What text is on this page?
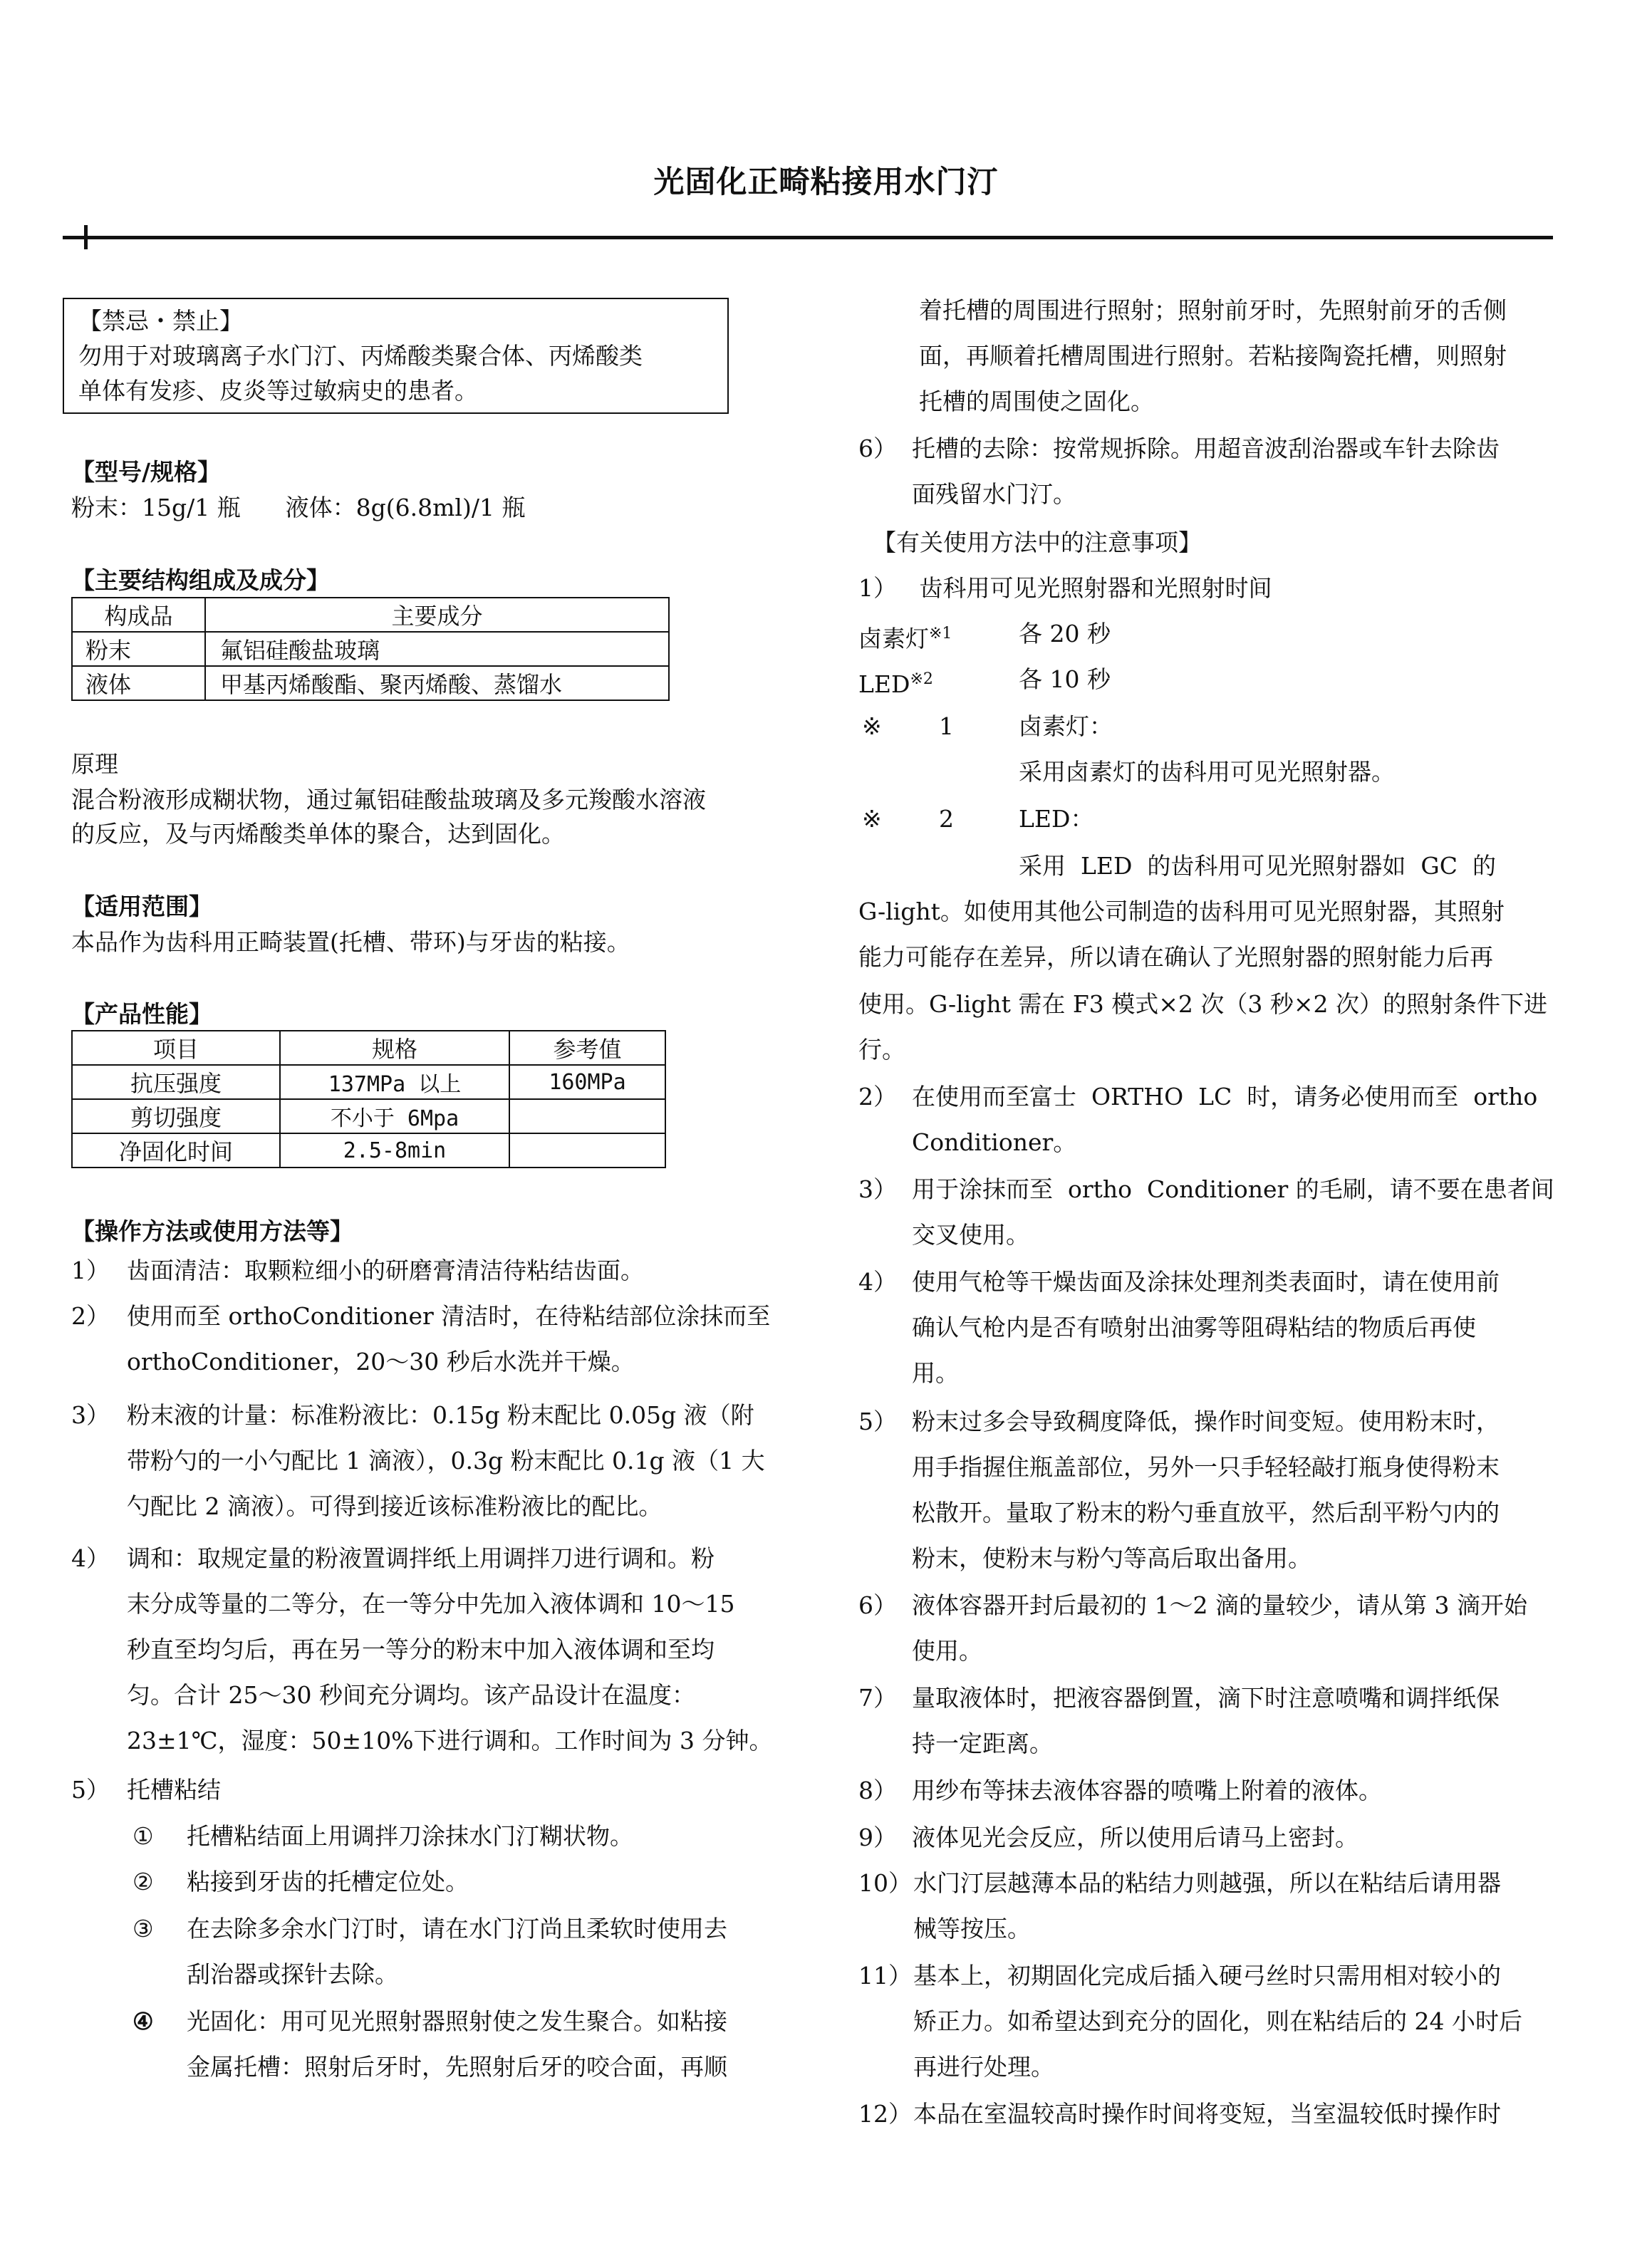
光固化正畸粘接用水门汀
【禁忌・禁止】
勿用于对玻璃离子水门汀、丙烯酸类聚合体、丙烯酸类
单体有发疹、皮炎等过敏病史的患者。
【型号/规格】
粉末：15g/1 瓶      液体：8g(6.8ml)/1 瓶
【主要结构组成及成分】
构成品	主要成分
粉末	氟铝硅酸盐玻璃
液体	甲基丙烯酸酯、聚丙烯酸、蒸馏水
原理
混合粉液形成糊状物，通过氟铝硅酸盐玻璃及多元羧酸水溶液
的反应，及与丙烯酸类单体的聚合，达到固化。
【适用范围】
本品作为齿科用正畸装置(托槽、带环)与牙齿的粘接。
【产品性能】
项目	规格	参考值
抗压强度	137MPa 以上	160MPa
剪切强度	不小于 6Mpa	
净固化时间	2.5-8min	
【操作方法或使用方法等】
1） 齿面清洁：取颗粒细小的研磨膏清洁待粘结齿面。
2） 使用而至 orthoConditioner 清洁时，在待粘结部位涂抹而至
orthoConditioner，20～30 秒后水洗并干燥。
3） 粉末液的计量：标准粉液比：0.15g 粉末配比 0.05g 液（附
带粉勺的一小勺配比 1 滴液），0.3g 粉末配比 0.1g 液（1 大
勺配比 2 滴液）。可得到接近该标准粉液比的配比。
4） 调和：取规定量的粉液置调拌纸上用调拌刀进行调和。粉
末分成等量的二等分，在一等分中先加入液体调和 10～15
秒直至均匀后，再在另一等分的粉末中加入液体调和至均
匀。合计 25～30 秒间充分调均。该产品设计在温度：
23±1℃，湿度：50±10%下进行调和。工作时间为 3 分钟。
5） 托槽粘结
① 托槽粘结面上用调拌刀涂抹水门汀糊状物。
② 粘接到牙齿的托槽定位处。
③ 在去除多余水门汀时，请在水门汀尚且柔软时使用去
刮治器或探针去除。
④ 光固化：用可见光照射器照射使之发生聚合。如粘接
金属托槽：照射后牙时，先照射后牙的咬合面，再顺
着托槽的周围进行照射；照射前牙时，先照射前牙的舌侧
面，再顺着托槽周围进行照射。若粘接陶瓷托槽，则照射
托槽的周围使之固化。
6） 托槽的去除：按常规拆除。用超音波刮治器或车针去除齿
面残留水门汀。
【有关使用方法中的注意事项】
1）   齿科用可见光照射器和光照射时间
卤素灯$^{※1}$	各 20 秒
LED$^{※2}$	各 10 秒
※ 1	卤素灯：
采用卤素灯的齿科用可见光照射器。
※ 2	LED：
采用  LED  的齿科用可见光照射器如  GC  的
G-light。如使用其他公司制造的齿科用可见光照射器，其照射
能力可能存在差异，所以请在确认了光照射器的照射能力后再
使用。G-light 需在 F3 模式×2 次（3 秒×2 次）的照射条件下进
行。
2） 在使用而至富士  ORTHO  LC  时，请务必使用而至  ortho
Conditioner。
3） 用于涂抹而至  ortho  Conditioner 的毛刷，请不要在患者间
交叉使用。
4） 使用气枪等干燥齿面及涂抹处理剂类表面时，请在使用前
确认气枪内是否有喷射出油雾等阻碍粘结的物质后再使
用。
5） 粉末过多会导致稠度降低，操作时间变短。使用粉末时，
用手指握住瓶盖部位，另外一只手轻轻敲打瓶身使得粉末
松散开。量取了粉末的粉勺垂直放平，然后刮平粉勺内的
粉末，使粉末与粉勺等高后取出备用。
6） 液体容器开封后最初的 1～2 滴的量较少，请从第 3 滴开始
使用。
7） 量取液体时，把液容器倒置，滴下时注意喷嘴和调拌纸保
持一定距离。
8） 用纱布等抹去液体容器的喷嘴上附着的液体。
9） 液体见光会反应，所以使用后请马上密封。
10） 水门汀层越薄本品的粘结力则越强，所以在粘结后请用器
械等按压。
11） 基本上，初期固化完成后插入硬弓丝时只需用相对较小的
矫正力。如希望达到充分的固化，则在粘结后的 24 小时后
再进行处理。
12） 本品在室温较高时操作时间将变短，当室温较低时操作时
